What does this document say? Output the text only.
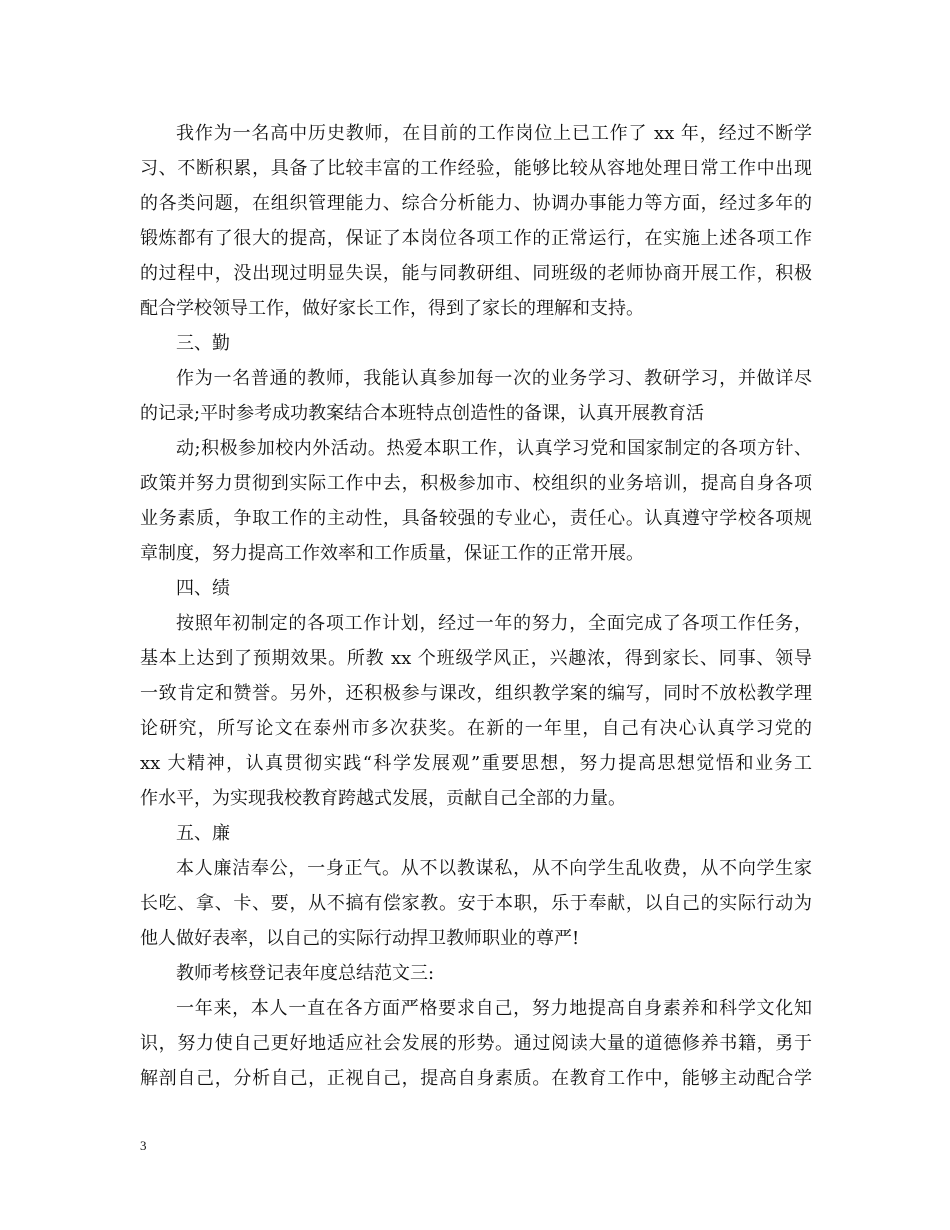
我作为一名高中历史教师，在目前的工作岗位上已工作了 xx 年，经过不断学
习、不断积累，具备了比较丰富的工作经验，能够比较从容地处理日常工作中出现
的各类问题，在组织管理能力、综合分析能力、协调办事能力等方面，经过多年的
锻炼都有了很大的提高，保证了本岗位各项工作的正常运行，在实施上述各项工作
的过程中，没出现过明显失误，能与同教研组、同班级的老师协商开展工作，积极
配合学校领导工作，做好家长工作，得到了家长的理解和支持。
三、勤
作为一名普通的教师，我能认真参加每一次的业务学习、教研学习，并做详尽
的记录;平时参考成功教案结合本班特点创造性的备课，认真开展教育活
动;积极参加校内外活动。热爱本职工作，认真学习党和国家制定的各项方针、
政策并努力贯彻到实际工作中去，积极参加市、校组织的业务培训，提高自身各项
业务素质，争取工作的主动性，具备较强的专业心，责任心。认真遵守学校各项规
章制度，努力提高工作效率和工作质量，保证工作的正常开展。
四、绩
按照年初制定的各项工作计划，经过一年的努力，全面完成了各项工作任务，
基本上达到了预期效果。所教 xx 个班级学风正，兴趣浓，得到家长、同事、领导
一致肯定和赞誉。另外，还积极参与课改，组织教学案的编写，同时不放松教学理
论研究，所写论文在泰州市多次获奖。在新的一年里，自己有决心认真学习党的
xx 大精神，认真贯彻实践“科学发展观”重要思想，努力提高思想觉悟和业务工
作水平，为实现我校教育跨越式发展，贡献自己全部的力量。
五、廉
本人廉洁奉公，一身正气。从不以教谋私，从不向学生乱收费，从不向学生家
长吃、拿、卡、要，从不搞有偿家教。安于本职，乐于奉献，以自己的实际行动为
他人做好表率，以自己的实际行动捍卫教师职业的尊严!
教师考核登记表年度总结范文三:
一年来，本人一直在各方面严格要求自己，努力地提高自身素养和科学文化知
识，努力使自己更好地适应社会发展的形势。通过阅读大量的道德修养书籍，勇于
解剖自己，分析自己，正视自己，提高自身素质。在教育工作中，能够主动配合学
3
